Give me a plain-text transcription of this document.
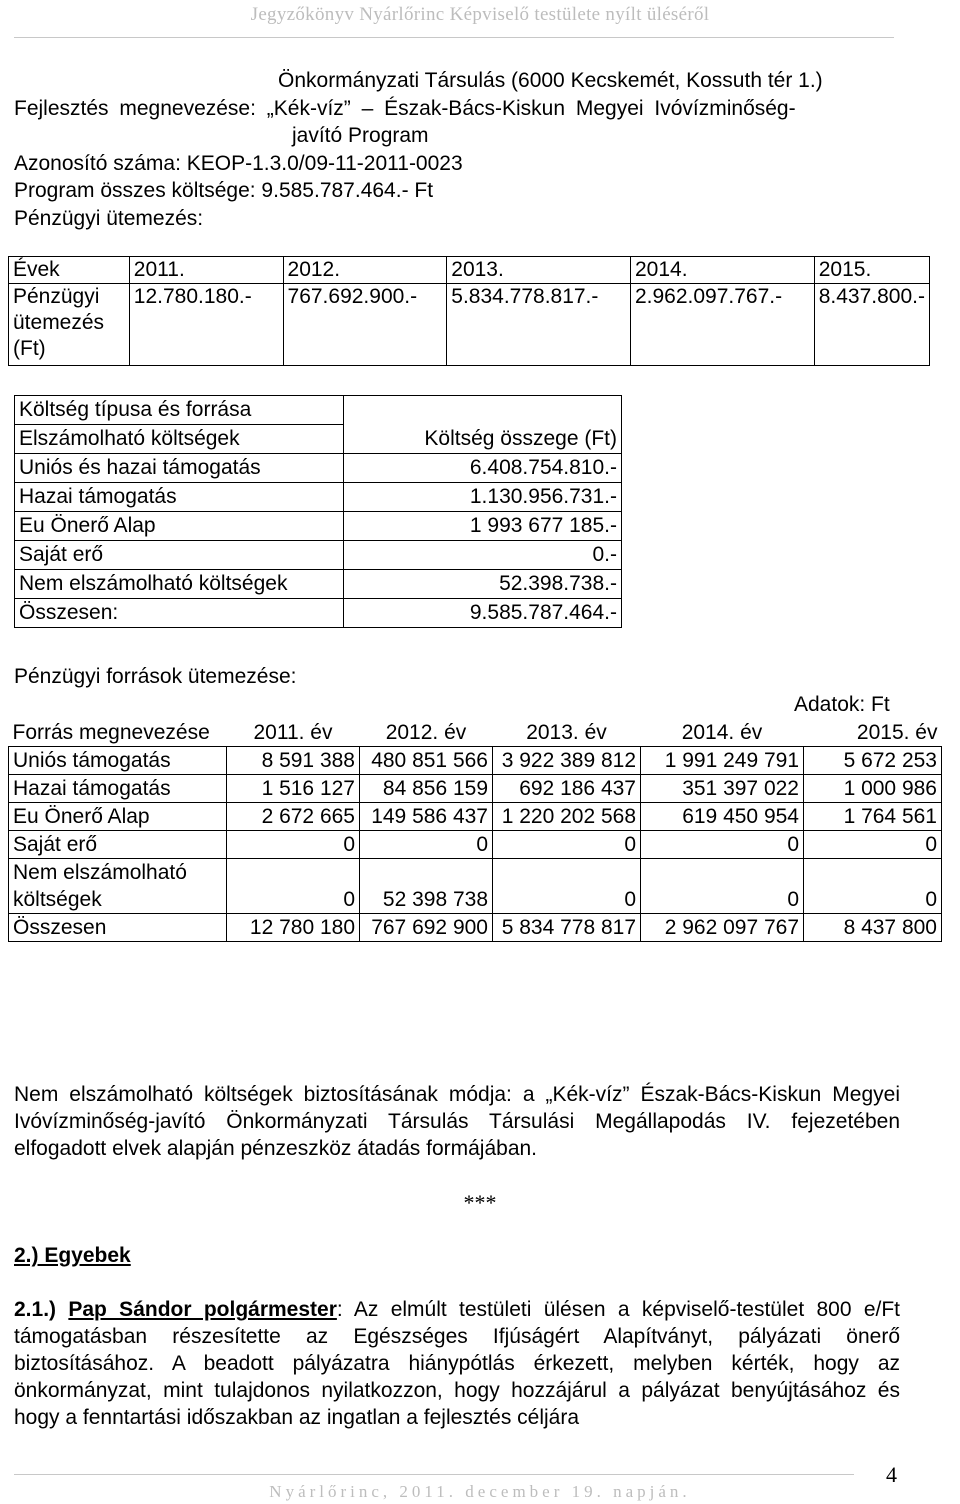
Jegyzőkönyv Nyárlőrinc Képviselő testülete nyílt üléséről
Önkormányzati Társulás (6000 Kecskemét, Kossuth tér 1.)
Fejlesztés megnevezése: „Kék-víz” – Észak-Bács-Kiskun Megyei Ivóvízminőség-
javító Program
Azonosító száma: KEOP-1.3.0/09-11-2011-0023
Program összes költsége: 9.585.787.464.- Ft
Pénzügyi ütemezés:
Évek	2011.	2012.	2013.	2014.	2015.
Pénzügyi ütemezés (Ft)	12.780.180.-	767.692.900.-	5.834.778.817.-	2.962.097.767.-	8.437.800.-
Költség típusa és forrása	
Elszámolható költségek	Költség összege (Ft)
Uniós és hazai támogatás	6.408.754.810.-
Hazai támogatás	1.130.956.731.-
Eu Önerő Alap	1 993 677 185.-
Saját erő	0.-
Nem elszámolható költségek	52.398.738.-
Összesen:	9.585.787.464.-
Pénzügyi források ütemezése:
Adatok: Ft
Forrás megnevezése	2011. év	2012. év	2013. év	2014. év	2015. év
Uniós támogatás	8 591 388	480 851 566	3 922 389 812	1 991 249 791	5 672 253
Hazai támogatás	1 516 127	84 856 159	692 186 437	351 397 022	1 000 986
Eu Önerő Alap	2 672 665	149 586 437	1 220 202 568	619 450 954	1 764 561
Saját erő	0	0	0	0	0
Nem elszámolható költségek	0	52 398 738	0	0	0
Összesen	12 780 180	767 692 900	5 834 778 817	2 962 097 767	8 437 800
Nem elszámolható költségek biztosításának módja: a „Kék-víz” Észak-Bács-Kiskun Megyei Ivóvízminőség-javító Önkormányzati Társulás Társulási Megállapodás IV. fejezetében elfogadott elvek alapján pénzeszköz átadás formájában.
***
2.) Egyebek
2.1.) Pap Sándor polgármester: Az elmúlt testületi ülésen a képviselő-testület 800 e/Ft támogatásban részesítette az Egészséges Ifjúságért Alapítványt, pályázati önerő biztosításához. A beadott pályázatra hiánypótlás érkezett, melyben kérték, hogy az önkormányzat, mint tulajdonos nyilatkozzon, hogy hozzájárul a pályázat benyújtásához és hogy a fenntartási időszakban az ingatlan a fejlesztés céljára
Nyárlőrinc, 2011. december 19. napján.
4
